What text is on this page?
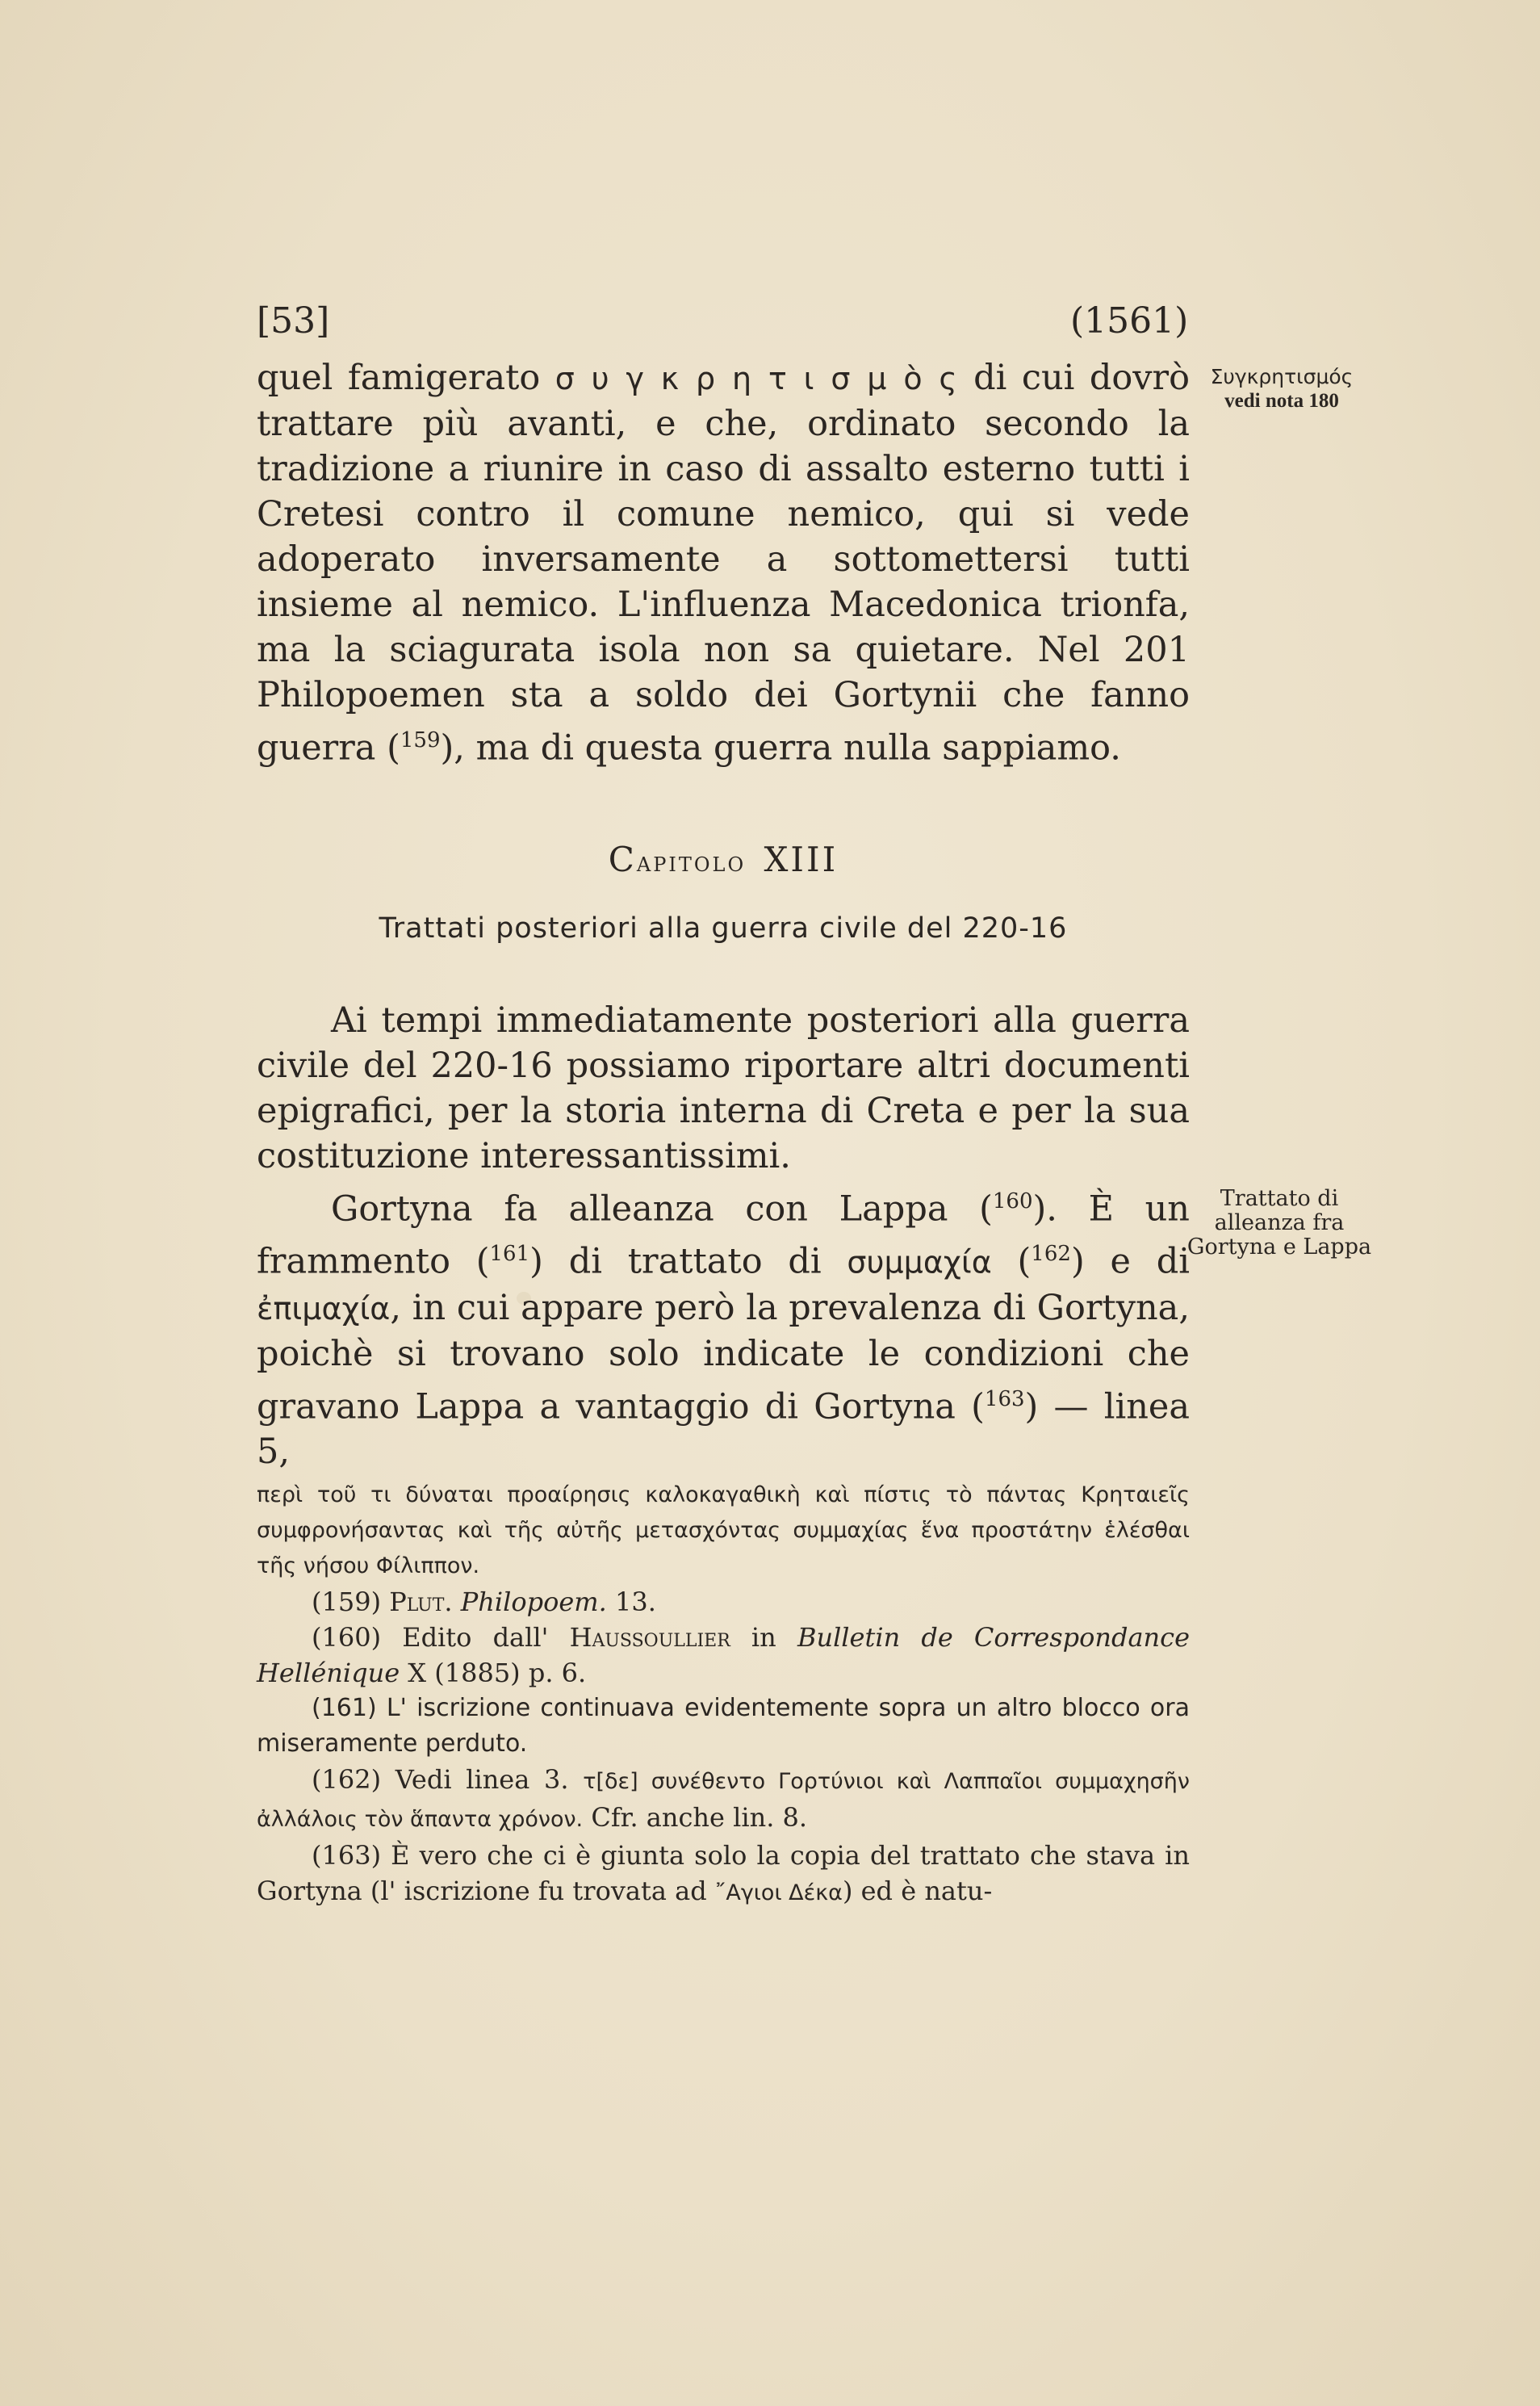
[53]	(1561)

quel famigerato σ υ γ κ ρ η τ ι σ μ ὸ ς di cui dovrò trattare più avanti, e che, ordinato secondo la tradizione a riunire in caso di assalto esterno tutti i Cretesi contro il comune nemico, qui si vede adoperato inversamente a sottomettersi tutti insieme al nemico. L'influenza Macedonica trionfa, ma la sciagurata isola non sa quietare. Nel 201 Philopoemen sta a soldo dei Gortynii che fanno guerra ($^{159}$), ma di questa guerra nulla sappiamo.

Συγκρητισμός
vedi nota 180
Capitolo XIII
Trattati posteriori alla guerra civile del 220-16

Ai tempi immediatamente posteriori alla guerra civile del 220-16 possiamo riportare altri documenti epigrafici, per la storia interna di Creta e per la sua costituzione interessantissimi.

Gortyna fa alleanza con Lappa ($^{160}$). È un frammento ($^{161}$) di trattato di συμμαχία ($^{162}$) e di ἐπιμαχία, in cui appare però la prevalenza di Gortyna, poichè si trovano solo indicate le condizioni che gravano Lappa a vantaggio di Gortyna ($^{163}$) — linea 5,

Trattato di
alleanza fra
Gortyna e Lappa

περὶ τοῦ τι δύναται προαίρησις καλοκαγαθικὴ καὶ πίστις τὸ πάντας Κρηταιεῖς συμφρονήσαντας καὶ τῆς αὐτῆς μετασχόντας συμμαχίας ἕνα προστάτην ἑλέσθαι τῆς νήσου Φίλιππον.

(159) Plut. Philopoem. 13.

(160) Edito dall' Haussoullier in Bulletin de Correspondance Hellénique X (1885) p. 6.

(161) L' iscrizione continuava evidentemente sopra un altro blocco ora miseramente perduto.

(162) Vedi linea 3. τ[δε] συνέθεντο Γορτύνιοι καὶ Λαππαῖοι συμμαχησῆν ἀλλάλοις τὸν ἅπαντα χρόνον. Cfr. anche lin. 8.

(163) È vero che ci è giunta solo la copia del trattato che stava in Gortyna (l' iscrizione fu trovata ad ῎Αγιοι Δέκα) ed è natu-
